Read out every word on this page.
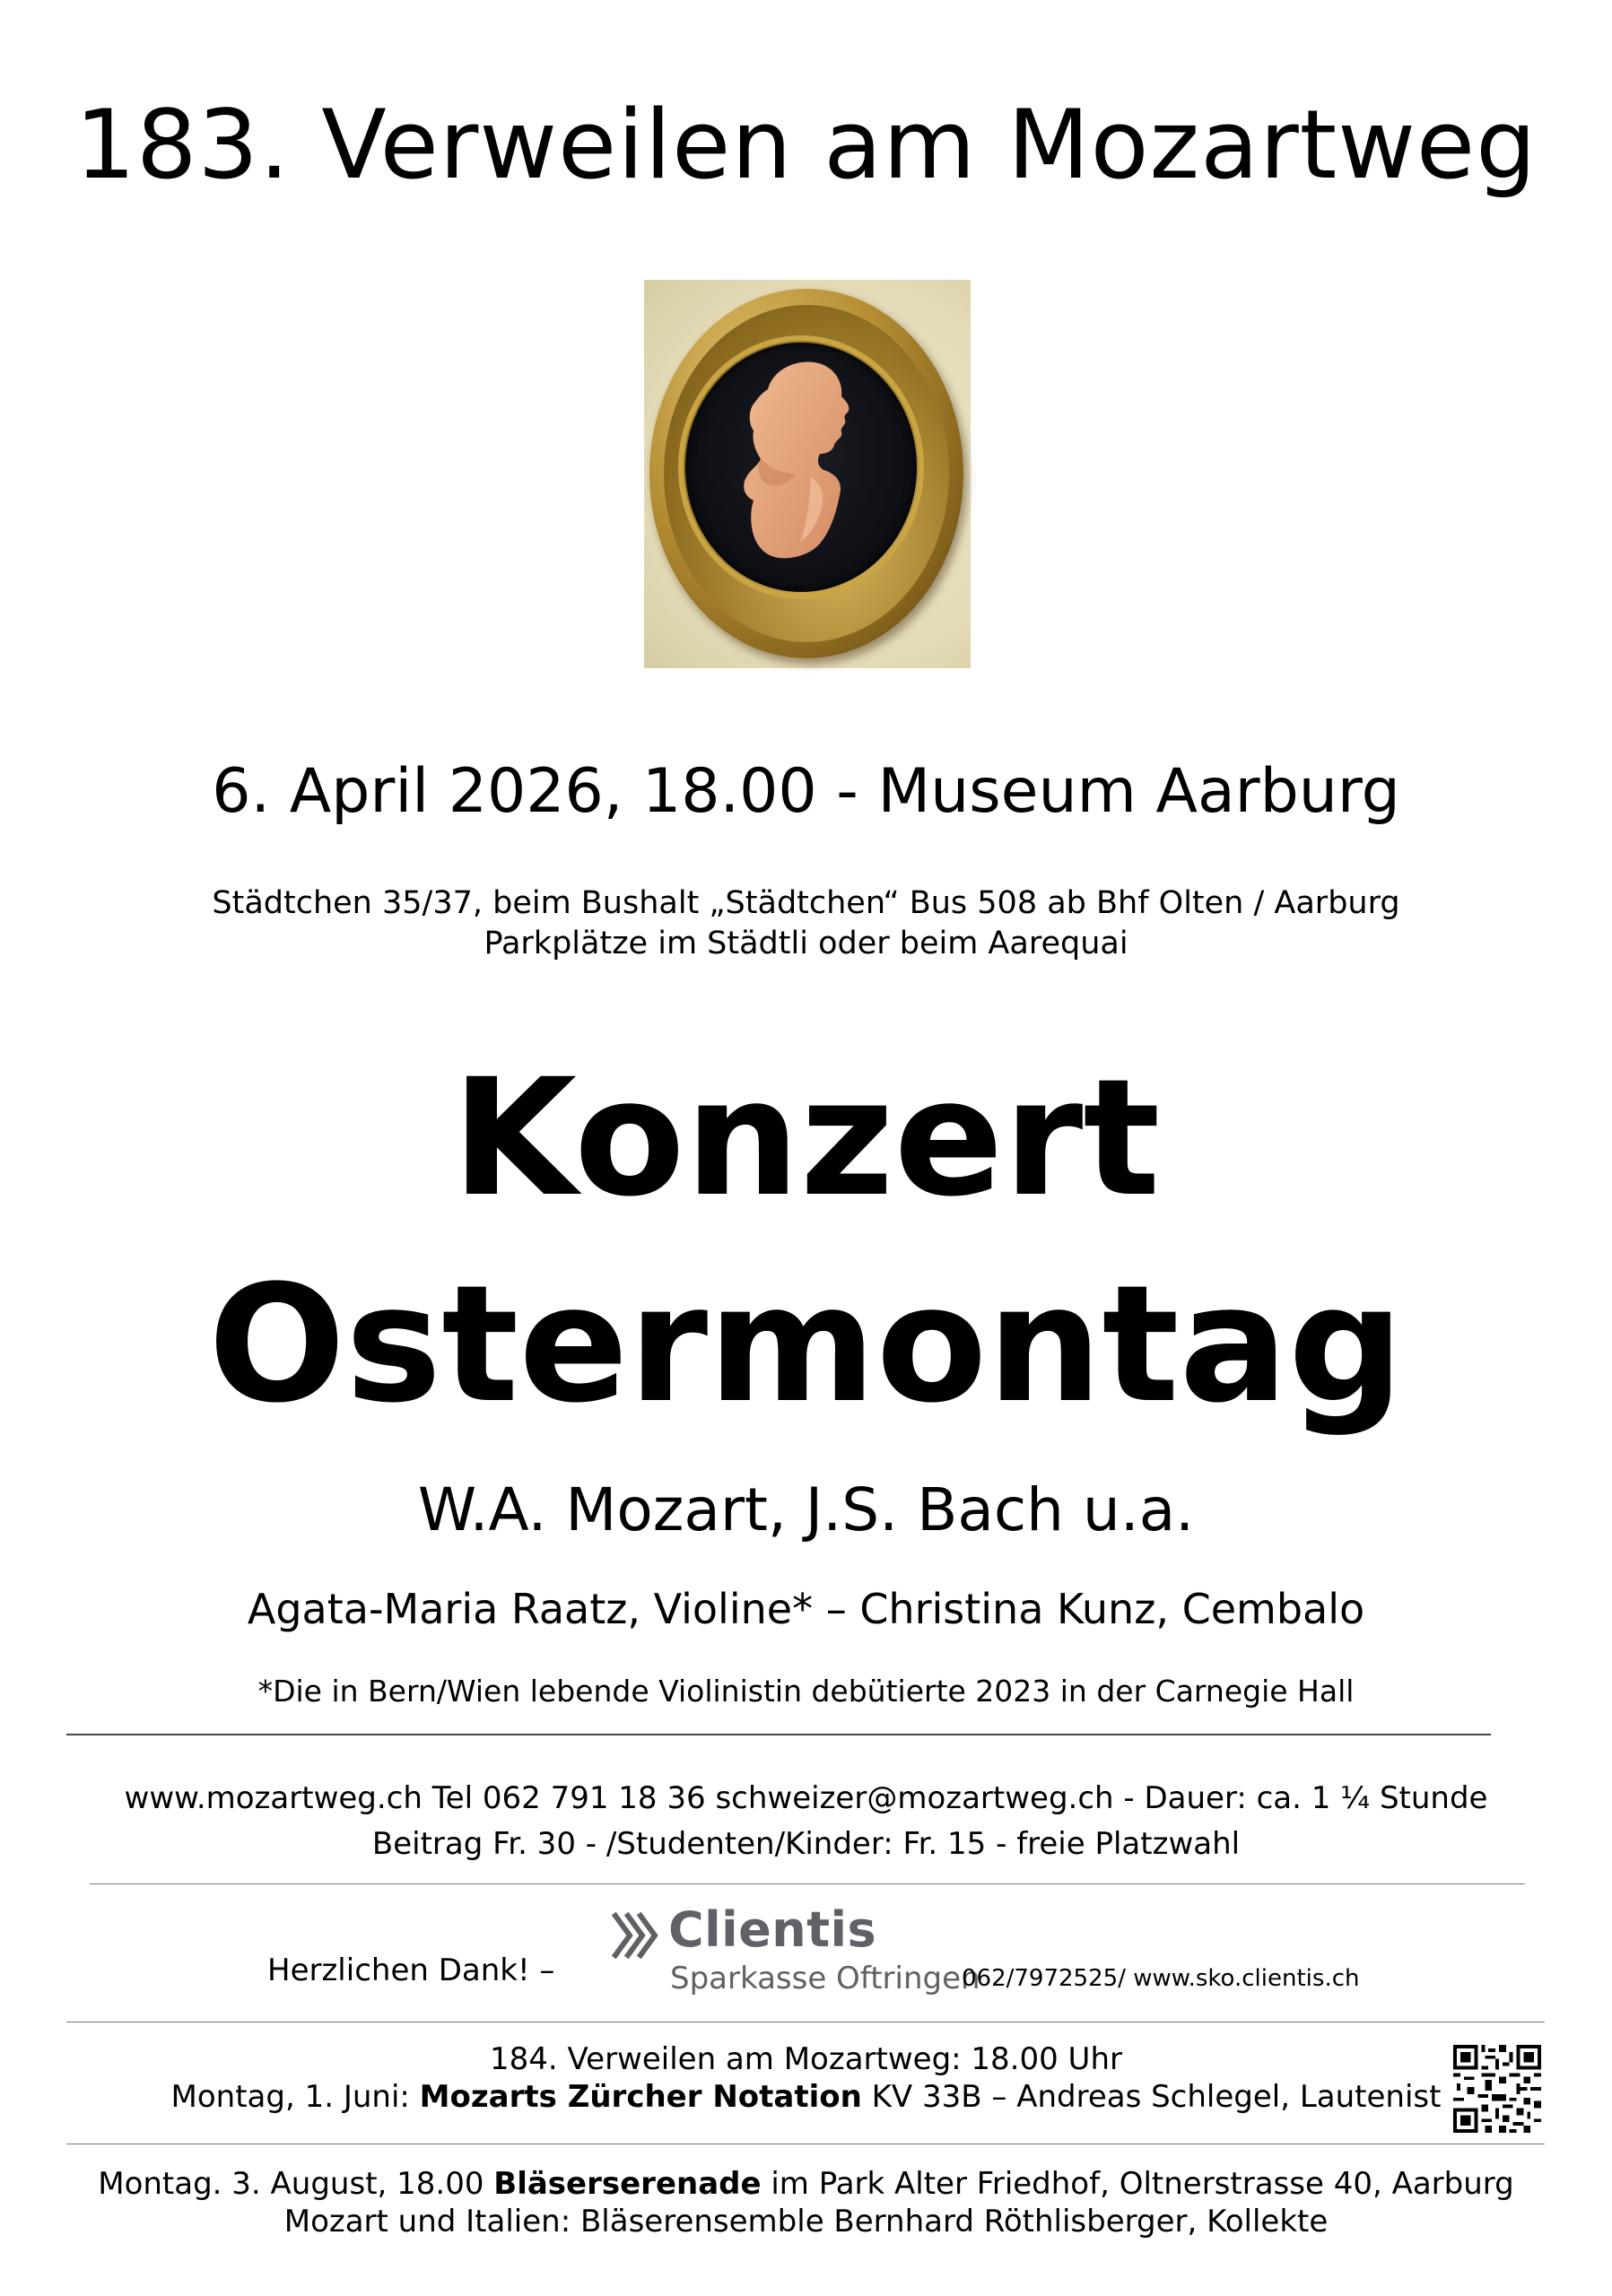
183. Verweilen am Mozartweg
6. April 2026, 18.00 - Museum Aarburg
Städtchen 35/37, beim Bushalt „Städtchen“ Bus 508 ab Bhf Olten / Aarburg
Parkplätze im Städtli oder beim Aarequai
Konzert
Ostermontag
W.A. Mozart, J.S. Bach u.a.
Agata-Maria Raatz, Violine* – Christina Kunz, Cembalo
*Die in Bern/Wien lebende Violinistin debütierte 2023 in der Carnegie Hall
www.mozartweg.ch Tel 062 791 18 36 schweizer@mozartweg.ch - Dauer: ca. 1 ¼ Stunde
Beitrag Fr. 30 - /Studenten/Kinder: Fr. 15 - freie Platzwahl
Herzlichen Dank! –
Clientis
Sparkasse Oftringen
062/7972525/ www.sko.clientis.ch
184. Verweilen am Mozartweg: 18.00 Uhr
Montag, 1. Juni: Mozarts Zürcher Notation KV 33B – Andreas Schlegel, Lautenist
Montag. 3. August, 18.00 Bläserserenade im Park Alter Friedhof, Oltnerstrasse 40, Aarburg
Mozart und Italien: Bläserensemble Bernhard Röthlisberger, Kollekte
